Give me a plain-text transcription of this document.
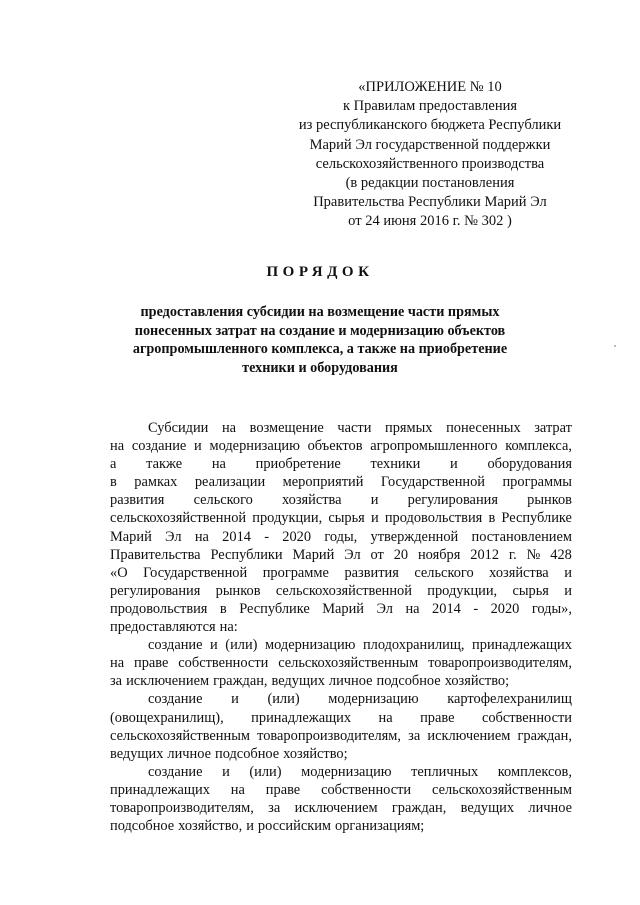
«ПРИЛОЖЕНИЕ № 10
к Правилам предоставления
из республиканского бюджета Республики
Марий Эл государственной поддержки
сельскохозяйственного производства
(в редакции постановления
Правительства Республики Марий Эл
от 24 июня 2016 г. № 302 )
ПОРЯДОК
предоставления субсидии на возмещение части прямых
понесенных затрат на создание и модернизацию объектов
агропромышленного комплекса, а также на приобретение
техники и оборудования
Субсидии на возмещение части прямых понесенных затрат
на создание и модернизацию объектов агропромышленного комплекса,
а также на приобретение техники и оборудования
в рамках реализации мероприятий Государственной программы
развития сельского хозяйства и регулирования рынков
сельскохозяйственной продукции, сырья и продовольствия в Республике
Марий Эл на 2014 - 2020 годы, утвержденной постановлением
Правительства Республики Марий Эл от 20 ноября 2012 г. № 428
«О Государственной программе развития сельского хозяйства и
регулирования рынков сельскохозяйственной продукции, сырья и
продовольствия в Республике Марий Эл на 2014 - 2020 годы»,
предоставляются на:
создание и (или) модернизацию плодохранилищ, принадлежащих
на праве собственности сельскохозяйственным товаропроизводителям,
за исключением граждан, ведущих личное подсобное хозяйство;
создание и (или) модернизацию картофелехранилищ
(овощехранилищ), принадлежащих на праве собственности
сельскохозяйственным товаропроизводителям, за исключением граждан,
ведущих личное подсобное хозяйство;
создание и (или) модернизацию тепличных комплексов,
принадлежащих на праве собственности сельскохозяйственным
товаропроизводителям, за исключением граждан, ведущих личное
подсобное хозяйство, и российским организациям;
